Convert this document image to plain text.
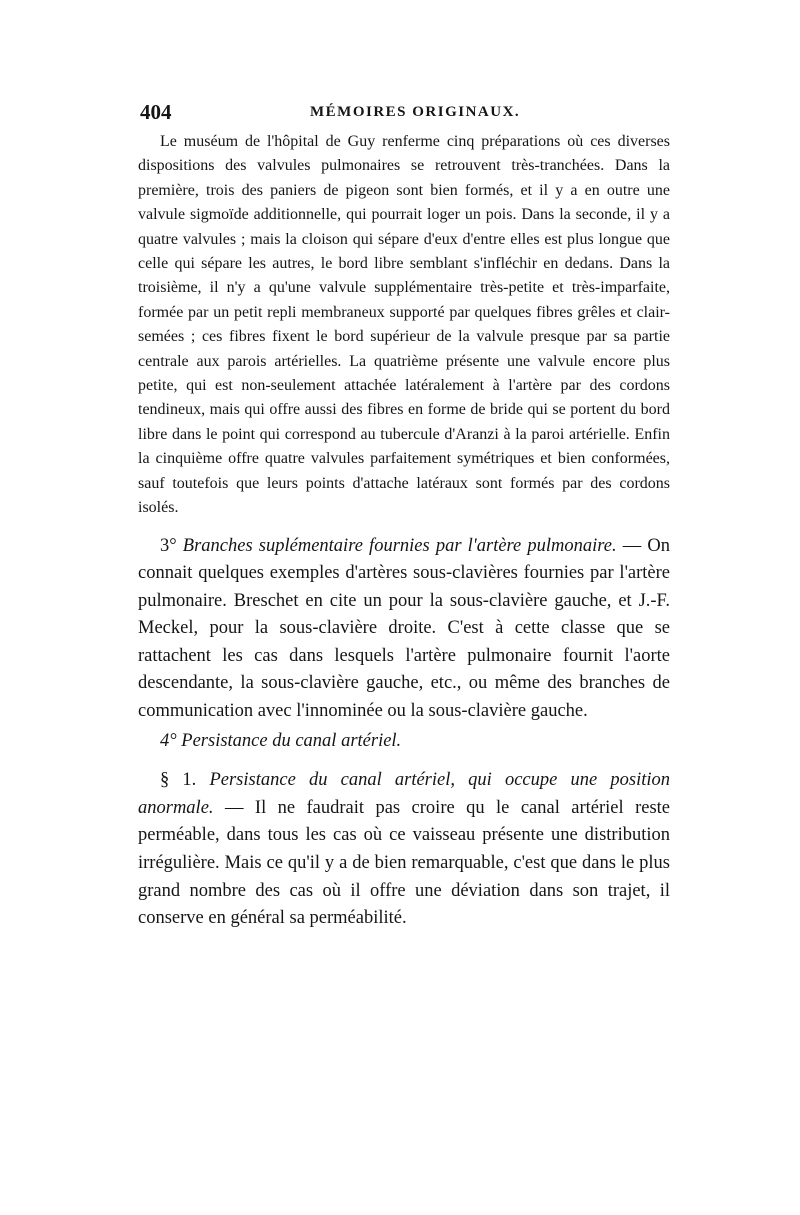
404	MÉMOIRES ORIGINAUX.

Le muséum de l'hôpital de Guy renferme cinq préparations où ces diverses dispositions des valvules pulmonaires se retrouvent très-tranchées. Dans la première, trois des paniers de pigeon sont bien formés, et il y a en outre une valvule sigmoïde additionnelle, qui pourrait loger un pois. Dans la seconde, il y a quatre valvules ; mais la cloison qui sépare d'eux d'entre elles est plus longue que celle qui sépare les autres, le bord libre semblant s'infléchir en dedans. Dans la troisième, il n'y a qu'une valvule supplémentaire très-petite et très-imparfaite, formée par un petit repli membraneux supporté par quelques fibres grêles et clair-semées ; ces fibres fixent le bord supérieur de la valvule presque par sa partie centrale aux parois artérielles. La quatrième présente une valvule encore plus petite, qui est non-seulement attachée latéralement à l'artère par des cordons tendineux, mais qui offre aussi des fibres en forme de bride qui se portent du bord libre dans le point qui correspond au tubercule d'Aranzi à la paroi artérielle. Enfin la cinquième offre quatre valvules parfaitement symétriques et bien conformées, sauf toutefois que leurs points d'attache latéraux sont formés par des cordons isolés.

3° Branches suplémentaire fournies par l'artère pulmonaire. — On connait quelques exemples d'artères sous-clavières fournies par l'artère pulmonaire. Breschet en cite un pour la sous-clavière gauche, et J.-F. Meckel, pour la sous-clavière droite. C'est à cette classe que se rattachent les cas dans lesquels l'artère pulmonaire fournit l'aorte descendante, la sous-clavière gauche, etc., ou même des branches de communication avec l'innominée ou la sous-clavière gauche.

4° Persistance du canal artériel.

§ 1. Persistance du canal artériel, qui occupe une position anormale. — Il ne faudrait pas croire qu le canal artériel reste perméable, dans tous les cas où ce vaisseau présente une distribution irrégulière. Mais ce qu'il y a de bien remarquable, c'est que dans le plus grand nombre des cas où il offre une déviation dans son trajet, il conserve en général sa perméabilité.
